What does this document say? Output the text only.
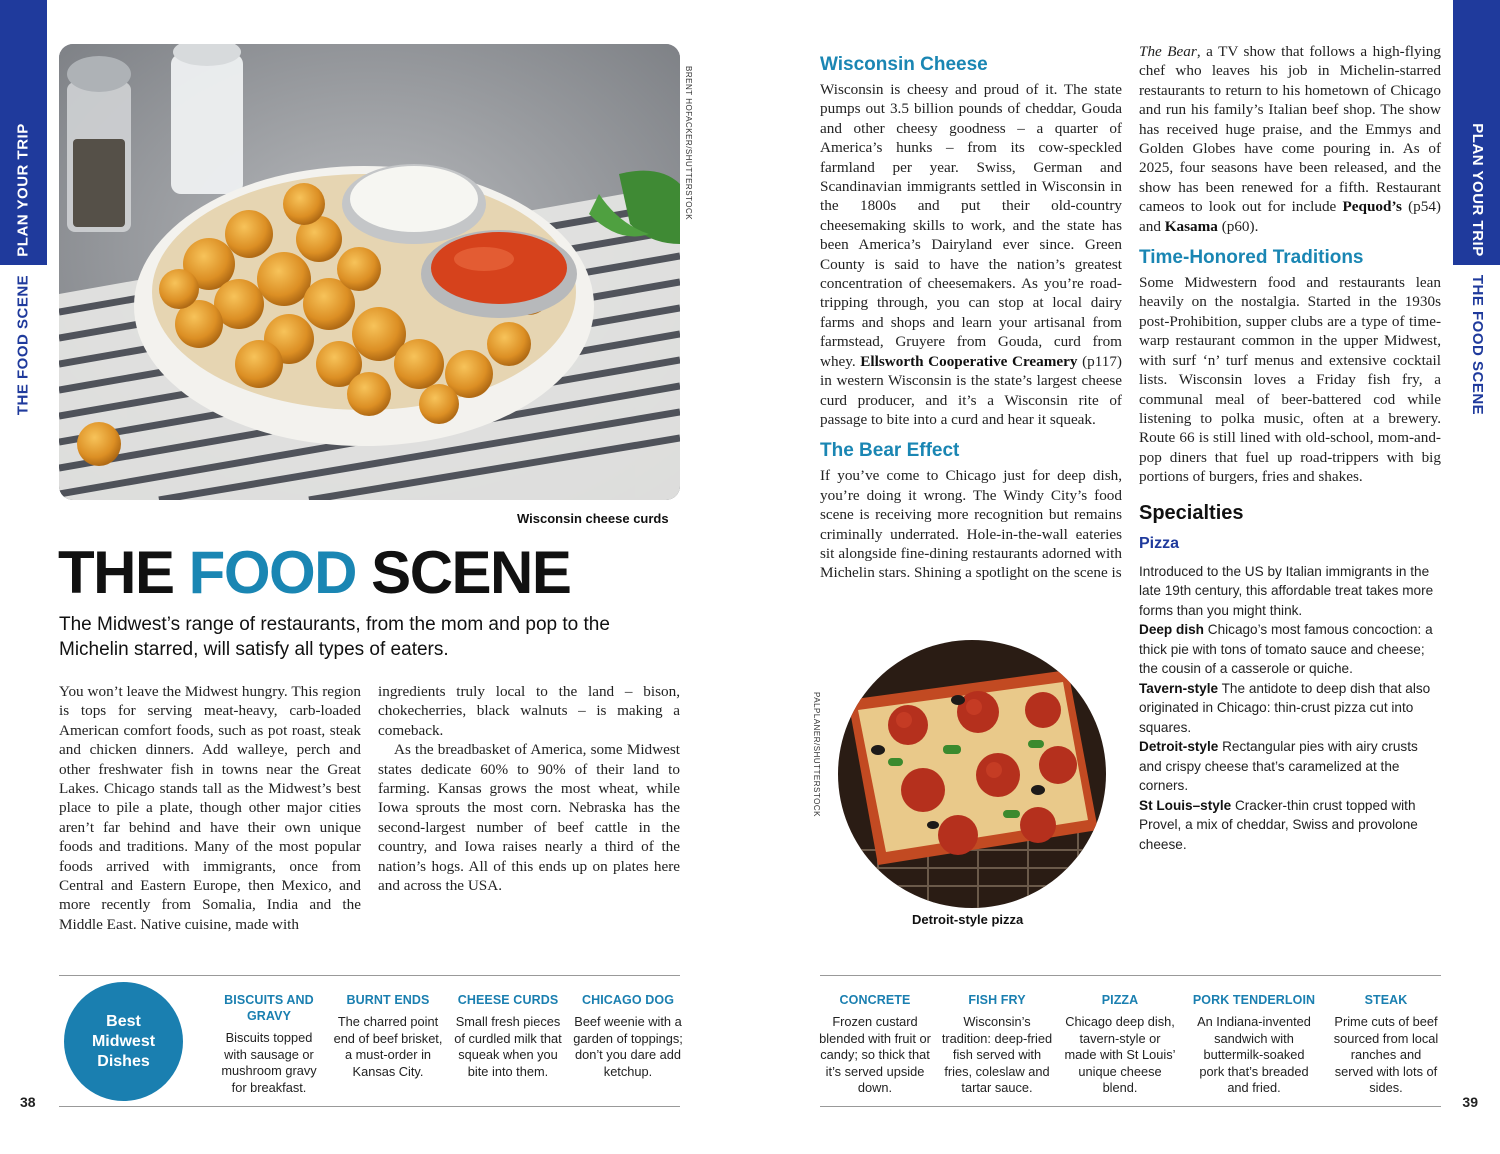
PLAN YOUR TRIP
THE FOOD SCENE
PLAN YOUR TRIP
THE FOOD SCENE
BRENT HOFACKER/SHUTTERSTOCK
Wisconsin cheese curds
THE FOOD SCENE
The Midwest’s range of restaurants, from the mom and pop to the Michelin starred, will satisfy all types of eaters.

You won’t leave the Midwest hungry. This region is tops for serving meat-heavy, carb-loaded American comfort foods, such as pot roast, steak and chicken dinners. Add walleye, perch and other freshwater fish in towns near the Great Lakes. Chicago stands tall as the Midwest’s best place to pile a plate, though other major cities aren’t far behind and have their own unique foods and traditions. Many of the most popular foods arrived with immigrants, once from Central and Eastern Europe, then Mexico, and more recently from Somalia, India and the Middle East. Native cuisine, made with

ingredients truly local to the land – bison, chokecherries, black walnuts – is making a comeback.

As the breadbasket of America, some Midwest states dedicate 60% to 90% of their land to farming. Kansas grows the most wheat, while Iowa sprouts the most corn. Nebraska has the second-largest number of beef cattle in the country, and Iowa raises nearly a third of the nation’s hogs. All of this ends up on plates here and across the USA.

Wisconsin Cheese

Wisconsin is cheesy and proud of it. The state pumps out 3.5 billion pounds of cheddar, Gouda and other cheesy goodness – a quarter of America’s hunks – from its cow-speckled farmland per year. Swiss, German and Scandinavian immigrants settled in Wisconsin in the 1800s and put their old-country cheesemaking skills to work, and the state has been America’s Dairyland ever since. Green County is said to have the nation’s greatest concentration of cheesemakers. As you’re road-tripping through, you can stop at local dairy farms and shops and learn your artisanal from farmstead, Gruyere from Gouda, curd from whey. Ellsworth Cooperative Creamery (p117) in western Wisconsin is the state’s largest cheese curd producer, and it’s a Wisconsin rite of passage to bite into a curd and hear it squeak.

The Bear Effect

If you’ve come to Chicago just for deep dish, you’re doing it wrong. The Windy City’s food scene is receiving more recognition but remains criminally underrated. Hole-in-the-wall eateries sit alongside fine-dining restaurants adorned with Michelin stars. Shining a spotlight on the scene is

PALPLANER/SHUTTERSTOCK
Detroit-style pizza

The Bear, a TV show that follows a high-flying chef who leaves his job in Michelin-starred restaurants to return to his hometown of Chicago and run his family’s Italian beef shop. The show has received huge praise, and the Emmys and Golden Globes have come pouring in. As of 2025, four seasons have been released, and the show has been renewed for a fifth. Restaurant cameos to look out for include Pequod’s (p54) and Kasama (p60).

Time-Honored Traditions

Some Midwestern food and restaurants lean heavily on the nostalgia. Started in the 1930s post-Prohibition, supper clubs are a type of time-warp restaurant common in the upper Midwest, with surf ‘n’ turf menus and extensive cocktail lists. Wisconsin loves a Friday fish fry, a communal meal of beer-battered cod while listening to polka music, often at a brewery. Route 66 is still lined with old-school, mom-and-pop diners that fuel up road-trippers with big portions of burgers, fries and shakes.

Specialties
Pizza
Introduced to the US by Italian immigrants in the late 19th century, this affordable treat takes more forms than you might think.
Deep dish Chicago’s most famous concoction: a thick pie with tons of tomato sauce and cheese; the cousin of a casserole or quiche.
Tavern-style The antidote to deep dish that also originated in Chicago: thin-crust pizza cut into squares.
Detroit-style Rectangular pies with airy crusts and crispy cheese that’s caramelized at the corners.
St Louis–style Cracker-thin crust topped with Provel, a mix of cheddar, Swiss and provolone cheese.
Best Midwest Dishes
BISCUITS AND GRAVY
Biscuits topped with sausage or mushroom gravy for breakfast.
BURNT ENDS
The charred point end of beef brisket, a must-order in Kansas City.
CHEESE CURDS
Small fresh pieces of curdled milk that squeak when you bite into them.
CHICAGO DOG
Beef weenie with a garden of toppings; don’t you dare add ketchup.
CONCRETE
Frozen custard blended with fruit or candy; so thick that it’s served upside down.
FISH FRY
Wisconsin’s tradition: deep-fried fish served with fries, coleslaw and tartar sauce.
PIZZA
Chicago deep dish, tavern-style or made with St Louis’ unique cheese blend.
PORK TENDERLOIN
An Indiana-invented sandwich with buttermilk-soaked pork that’s breaded and fried.
STEAK
Prime cuts of beef sourced from local ranches and served with lots of sides.
38	39
